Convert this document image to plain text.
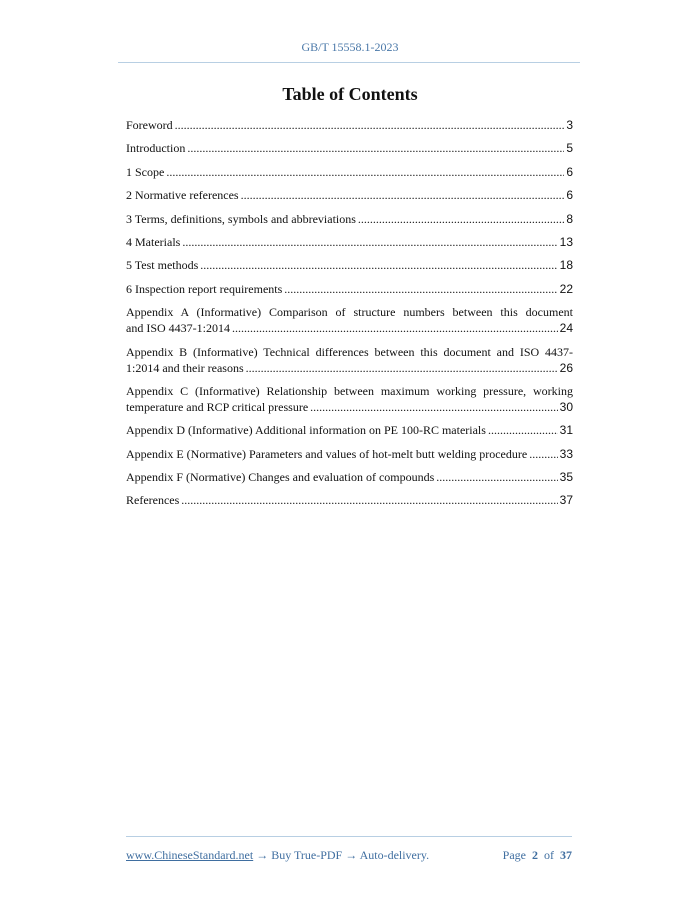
GB/T 15558.1-2023
Table of Contents
Foreword .....	3
Introduction .....	5
1 Scope .....	6
2 Normative references .....	6
3 Terms, definitions, symbols and abbreviations .....	8
4 Materials .....	13
5 Test methods .....	18
6 Inspection report requirements .....	22
Appendix A (Informative) Comparison of structure numbers between this document
and ISO 4437-1:2014 .....	24
Appendix B (Informative) Technical differences between this document and ISO 4437-
1:2014 and their reasons .....	26
Appendix C (Informative) Relationship between maximum working pressure, working
temperature and RCP critical pressure .....	30
Appendix D (Informative) Additional information on PE 100-RC materials .....	31
Appendix E (Normative) Parameters and values of hot-melt butt welding procedure .....	33
Appendix F (Normative) Changes and evaluation of compounds .....	35
References .....	37
www.ChineseStandard.net → Buy True-PDF → Auto-delivery.	Page 2 of 37
